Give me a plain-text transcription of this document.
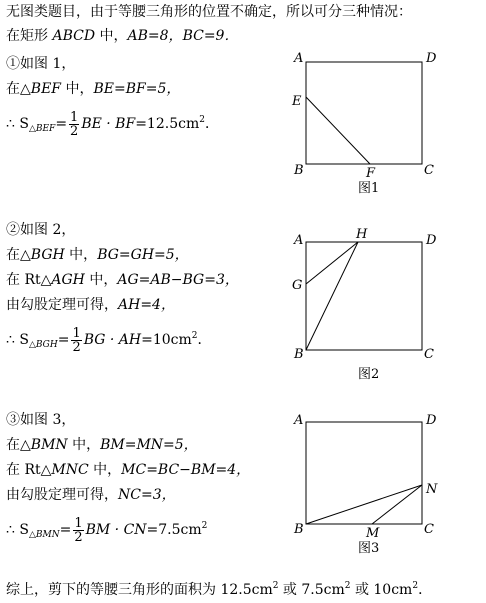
无图类题目，由于等腰三角形的位置不确定，所以可分三种情况：
在矩形 ABCD 中，AB=8，BC=9．
①如图 1，
在△BEF 中，BE=BF=5，
∴ $S_{\triangle BEF}= \frac{1}{2}$ BE · $BF=12.5cm^2$．
A	D
E
B	F	C
图1
②如图 2，
在△BGH 中，BG=GH=5，
在 Rt△AGH 中，AG=AB−BG=3，
由勾股定理可得，AH=4，
∴ $S_{\triangle BGH}= \frac{1}{2}$ BG · $AH=10cm^2$．
A	H	D
G
B	C
图2
③如图 3，
在△BMN 中，BM=MN=5，
在 Rt△MNC 中，MC=BC−BM=4，
由勾股定理可得，NC=3，
∴ $S_{\triangle BMN}= \frac{1}{2}$ BM · $CN=7.5cm^2$
A	D
N
B	M	C
图3
综上，剪下的等腰三角形的面积为 $12.5cm^2$ 或 $7.5cm^2$ 或 $10cm^2$．
